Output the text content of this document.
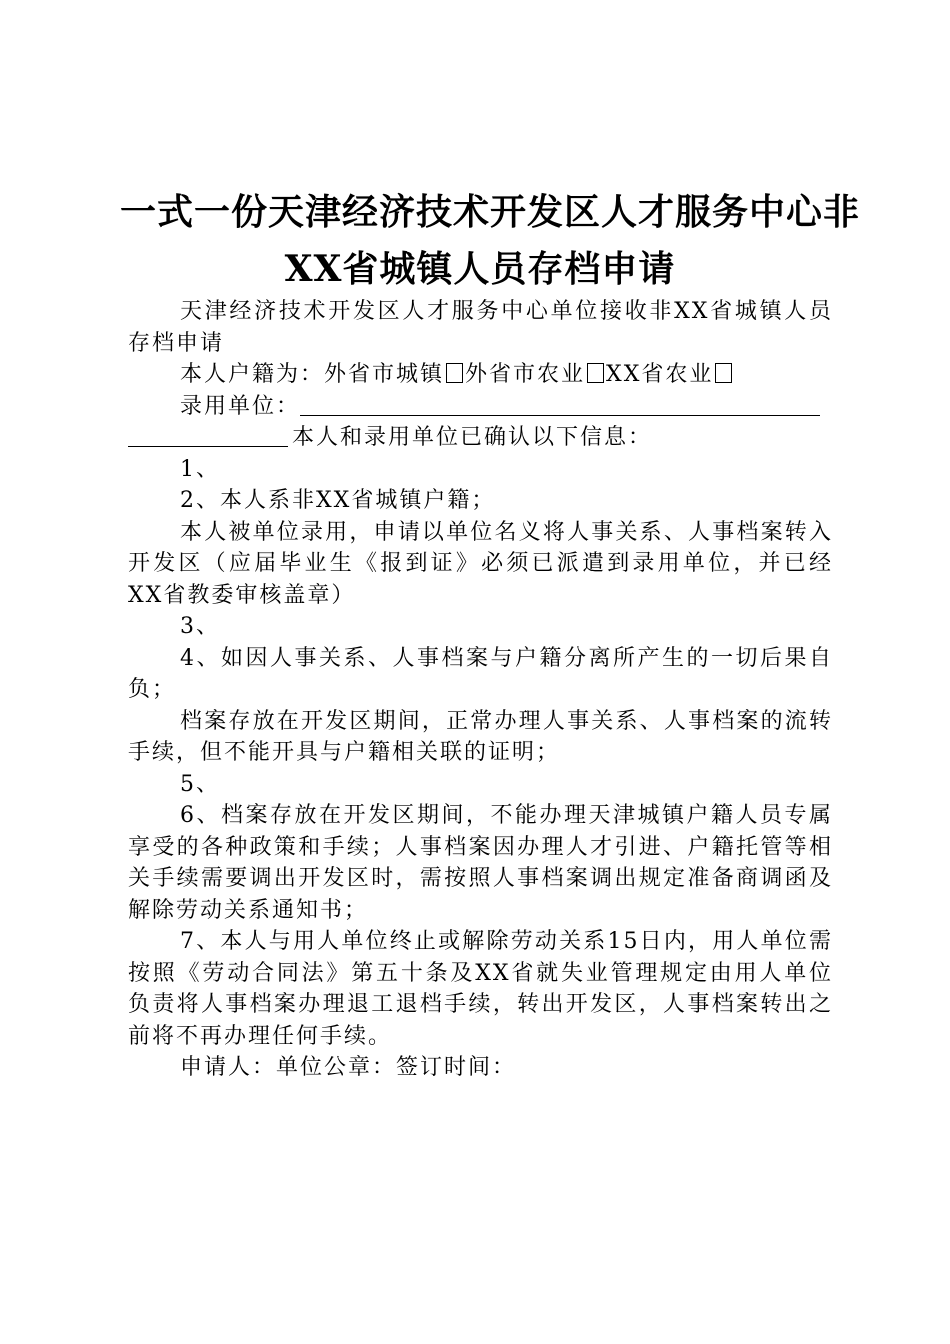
一式一份天津经济技术开发区人才服务中心非
XX省城镇人员存档申请

天津经济技术开发区人才服务中心单位接收非XX省城镇人员存档申请

本人户籍为：外省市城镇 外省市农业 XX省农业

录用单位：

本人和录用单位已确认以下信息：

1、

2、本人系非XX省城镇户籍；

本人被单位录用，申请以单位名义将人事关系、人事档案转入开发区（应届毕业生《报到证》必须已派遣到录用单位，并已经XX省教委审核盖章）

3、

4、如因人事关系、人事档案与户籍分离所产生的一切后果自负；

档案存放在开发区期间，正常办理人事关系、人事档案的流转手续，但不能开具与户籍相关联的证明；

5、

6、档案存放在开发区期间，不能办理天津城镇户籍人员专属享受的各种政策和手续；人事档案因办理人才引进、户籍托管等相关手续需要调出开发区时，需按照人事档案调出规定准备商调函及解除劳动关系通知书；

7、本人与用人单位终止或解除劳动关系15日内，用人单位需按照《劳动合同法》第五十条及XX省就失业管理规定由用人单位负责将人事档案办理退工退档手续，转出开发区，人事档案转出之前将不再办理任何手续。

申请人：单位公章：签订时间：
